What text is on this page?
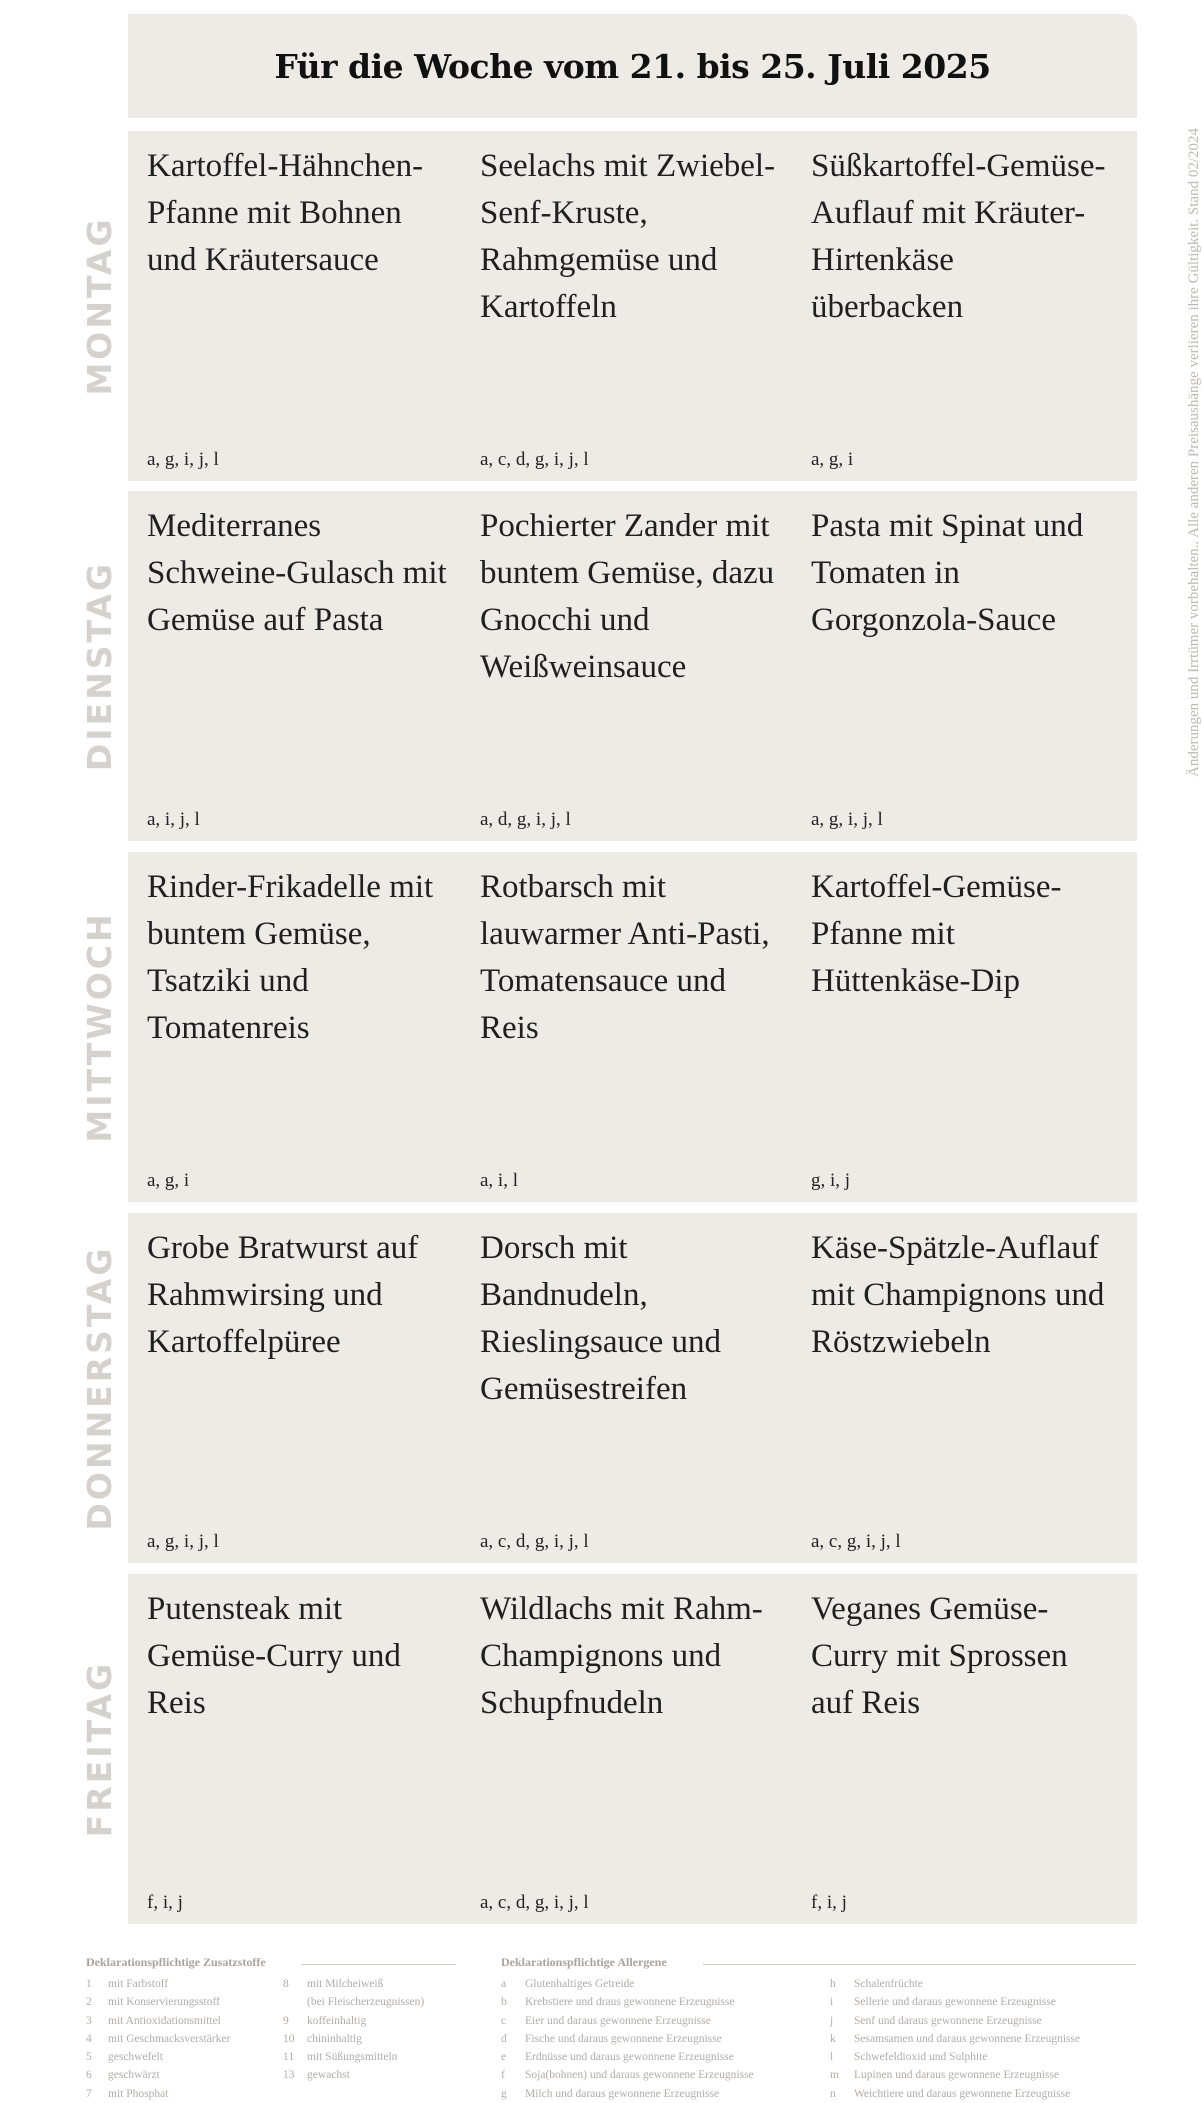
Für die Woche vom 21. bis 25. Juli 2025
MONTAG
Kartoffel-Hähnchen-Pfanne mit Bohnen und Kräutersauce
a, g, i, j, l
Seelachs mit Zwiebel-Senf-Kruste, Rahmgemüse und Kartoffeln
a, c, d, g, i, j, l
Süßkartoffel-Gemüse-Auflauf mit Kräuter-Hirtenkäse überbacken
a, g, i
DIENSTAG
Mediterranes Schweine-Gulasch mit Gemüse auf Pasta
a, i, j, l
Pochierter Zander mit buntem Gemüse, dazu Gnocchi und Weißweinsauce
a, d, g, i, j, l
Pasta mit Spinat und Tomaten in Gorgonzola-Sauce
a, g, i, j, l
MITTWOCH
Rinder-Frikadelle mit buntem Gemüse, Tsatziki und Tomatenreis
a, g, i
Rotbarsch mit lauwarmer Anti-Pasti, Tomatensauce und Reis
a, i, l
Kartoffel-Gemüse-Pfanne mit Hüttenkäse-Dip
g, i, j
DONNERSTAG Grobe Bratwurst auf Rahmwirsing und Kartoffelpüree
a, g, i, j, l
Dorsch mit Bandnudeln, Rieslingsauce und Gemüsestreifen
a, c, d, g, i, j, l
Käse-Spätzle-Auflauf mit Champignons und Röstzwiebeln
a, c, g, i, j, l
FREITAG
Putensteak mit Gemüse-Curry und Reis
f, i, j
Wildlachs mit Rahm-Champignons und Schupfnudeln
a, c, d, g, i, j, l
Veganes Gemüse-Curry mit Sprossen auf Reis
f, i, j
Änderungen und Irrtümer vorbehalten.. Alle anderen Preisaushänge verlieren ihre Gültigkeit. Stand 02/2024
Deklarationspflichtige Zusatzstoffe
1 mit Farbstoff
2 mit Konservierungsstoff
3 mit Antioxidationsmittel
4 mit Geschmacksverstärker
5 geschwefelt
6 geschwärzt
7 mit Phosphat
8 mit Milcheiweiß
(bei Fleischerzeugnissen)
9 koffeinhaltig
10 chininhaltig
11 mit Süßungsmitteln
13 gewachst
Deklarationspflichtige Allergene
a Glutenhaltiges Getreide
b Krebstiere und draus gewonnene Erzeugnisse
c Eier und daraus gewonnene Erzeugnisse
d Fische und daraus gewonnene Erzeugnisse
e Erdnüsse und daraus gewonnene Erzeugnisse
f Soja(bohnen) und daraus gewonnene Erzeugnisse
g Milch und daraus gewonnene Erzeugnisse
h Schalenfrüchte
i Sellerie und daraus gewonnene Erzeugnisse
j Senf und daraus gewonnene Erzeugnisse
k Sesamsamen und daraus gewonnene Erzeugnisse
l Schwefeldioxid und Sulphite
m Lupinen und daraus gewonnene Erzeugnisse
n Weichtiere und daraus gewonnene Erzeugnisse
